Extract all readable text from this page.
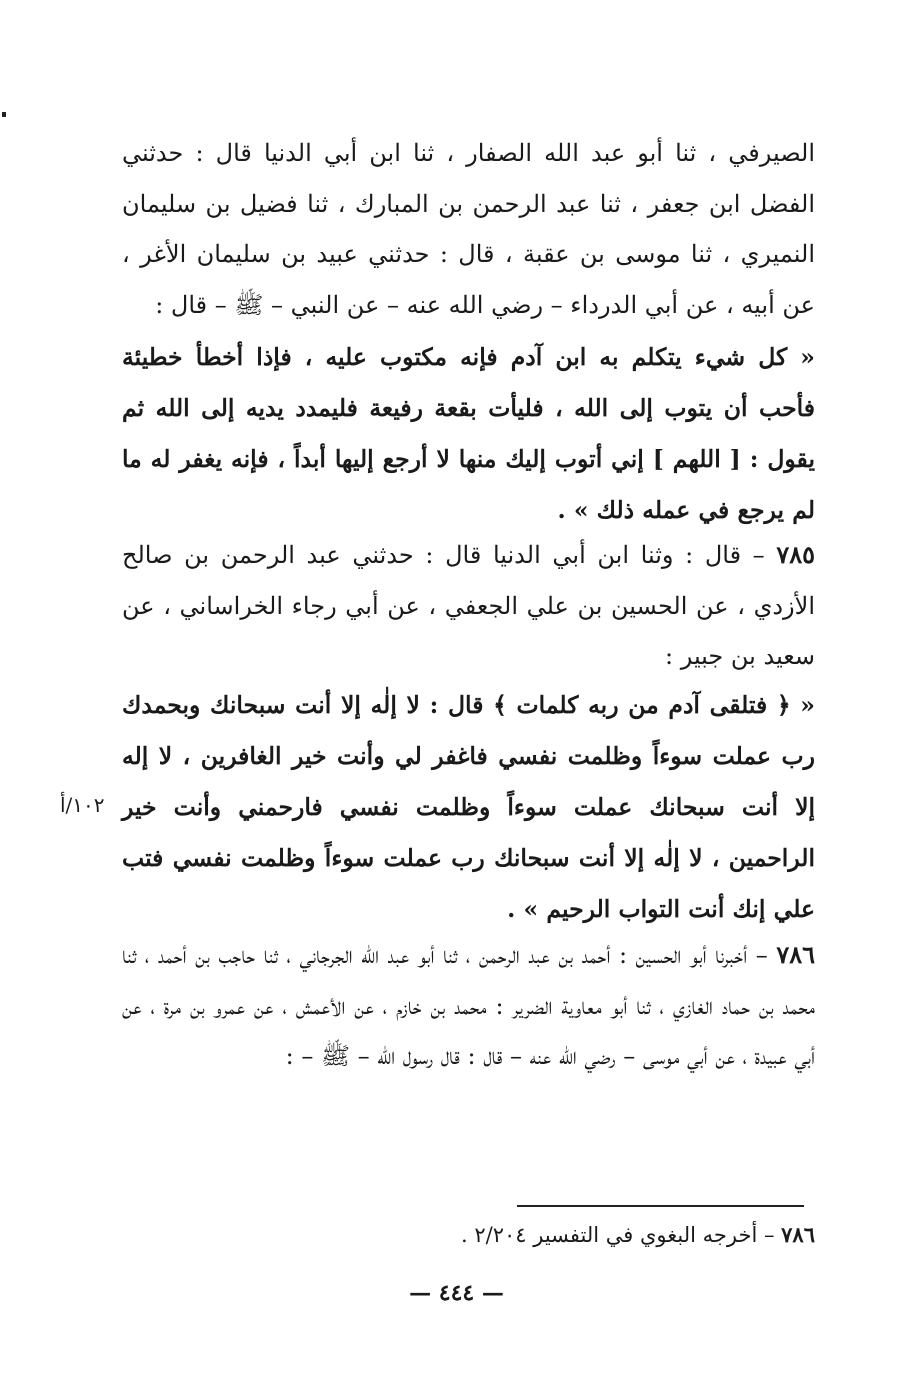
الصيرفي ، ثنا أبو عبد الله الصفار ، ثنا ابن أبي الدنيا قال : حدثني الفضل ابن جعفر ، ثنا عبد الرحمن بن المبارك ، ثنا فضيل بن سليمان النميري ، ثنا موسى بن عقبة ، قال : حدثني عبيد بن سليمان الأغر ، عن أبيه ، عن أبي الدرداء – رضي الله عنه – عن النبي – ﷺ – قال :

« كل شيء يتكلم به ابن آدم فإنه مكتوب عليه ، فإذا أخطأ خطيئة فأحب أن يتوب إلى الله ، فليأت بقعة رفيعة فليمدد يديه إلى الله ثم يقول : [ اللهم ] إني أتوب إليك منها لا أرجع إليها أبداً ، فإنه يغفر له ما لم يرجع في عمله ذلك » .

٧٨٥ – قال : وثنا ابن أبي الدنيا قال : حدثني عبد الرحمن بن صالح الأزدي ، عن الحسين بن علي الجعفي ، عن أبي رجاء الخراساني ، عن سعيد بن جبير :

« ﴿ فتلقى آدم من ربه كلمات ﴾ قال : لا إلٰه إلا أنت سبحانك وبحمدك رب عملت سوءاً وظلمت نفسي فاغفر لي وأنت خير الغافرين ، لا إله إلا أنت سبحانك عملت سوءاً وظلمت نفسي فارحمني وأنت خير الراحمين ، لا إلٰه إلا أنت سبحانك رب عملت سوءاً وظلمت نفسي فتب علي إنك أنت التواب الرحيم » .

١٠٢/أ

٧٨٦ – أخبرنا أبو الحسين : أحمد بن عبد الرحمن ، ثنا أبو عبد الله الجرجاني ، ثنا حاجب بن أحمد ، ثنا محمد بن حماد الغازي ، ثنا أبو معاوية الضرير : محمد بن خازم ، عن الأعمش ، عن عمرو بن مرة ، عن أبي عبيدة ، عن أبي موسى – رضي الله عنه – قال : قال رسول الله – ﷺ – :

٧٨٦ – أخرجه البغوي في التفسير ٢/٢٠٤ .
— ٤٤٤ —
